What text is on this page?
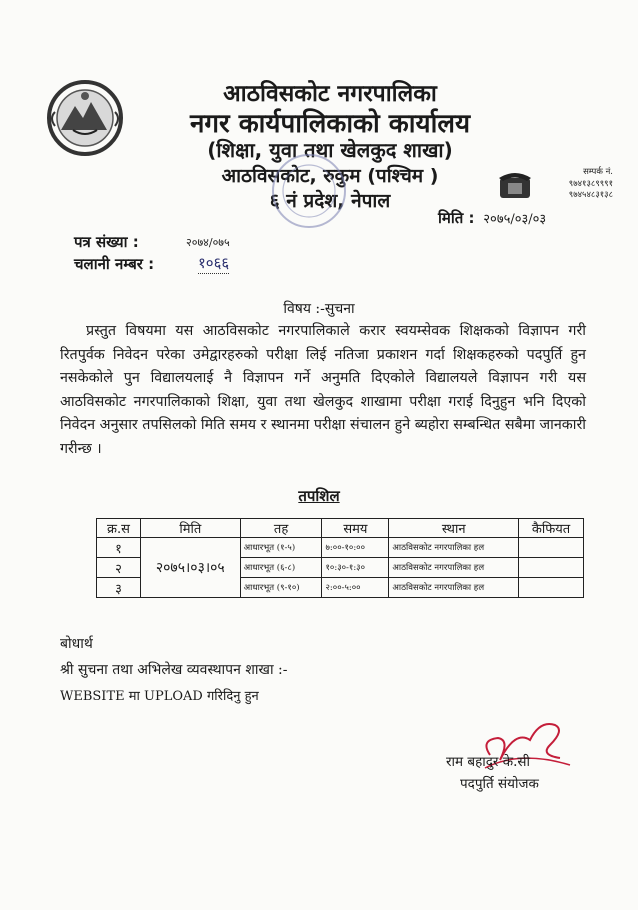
आठविसकोट नगरपालिका
नगर कार्यपालिकाको कार्यालय
(शिक्षा, युवा तथा खेलकुद शाखा)
आठविसकोट, रुकुम (पश्चिम )
६ नं प्रदेश, नेपाल
सम्पर्क नं.
९७४१३८९९९१
९७४५४८३१३८
मिति : २०७५/०३/०३
पत्र संख्या :	२०७४/०७५
चलानी नम्बर :	१०६६
विषय :-सुचना
प्रस्तुत विषयमा यस आठविसकोट नगरपालिकाले करार स्वयम्सेवक शिक्षकको विज्ञापन गरी रितपुर्वक निवेदन परेका उमेद्वारहरुको परीक्षा लिई नतिजा प्रकाशन गर्दा शिक्षकहरुको पदपुर्ति हुन नसकेकोले पुन विद्यालयलाई नै विज्ञापन गर्ने अनुमति दिएकोले विद्यालयले विज्ञापन गरी यस आठविसकोट नगरपालिकाको शिक्षा, युवा तथा खेलकुद शाखामा परीक्षा गराई दिनुहुन भनि दिएको निवेदन अनुसार तपसिलको मिति समय र स्थानमा परीक्षा संचालन हुने ब्यहोरा सम्बन्धित सबैमा जानकारी गरीन्छ ।
तपशिल
क्र.स	मिति	तह	समय	स्थान	कैफियत
१	२०७५।०३।०५	आधारभूत (१-५)	७:००-१०:००	आठविसकोट नगरपालिका हल	
२		आधारभूत (६-८)	१०:३०-१:३०	आठविसकोट नगरपालिका हल	
३		आधारभूत (९-१०)	२:००-५:००	आठविसकोट नगरपालिका हल	
बोधार्थ
श्री सुचना तथा अभिलेख व्यवस्थापन शाखा :-
WEBSITE मा UPLOAD गरिदिनु हुन
राम बहादुर के.सी
पदपुर्ति संयोजक
